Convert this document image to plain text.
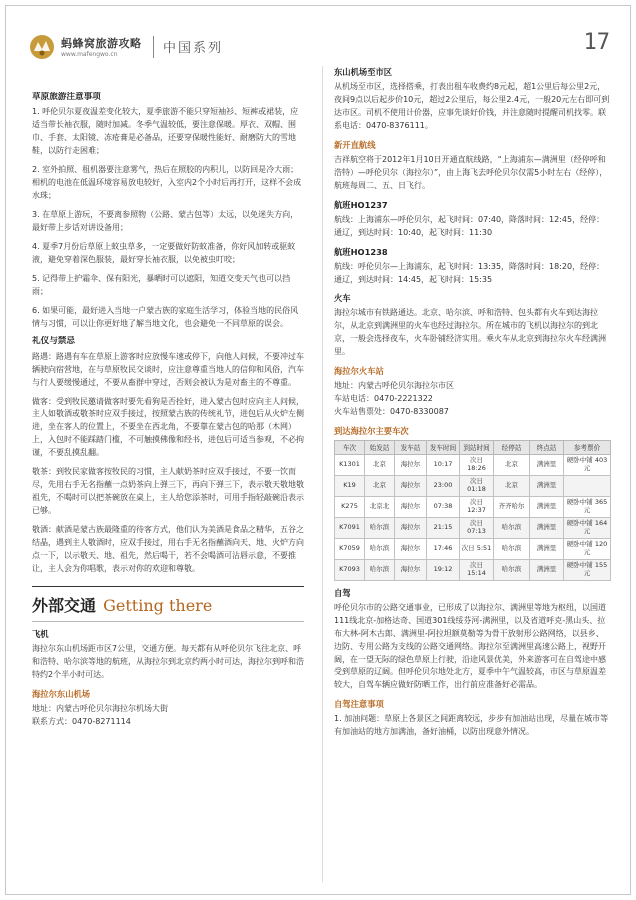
蚂蜂窝旅游攻略
www.mafengwo.cn	中国系列	17
草原旅游注意事项

1. 呼伦贝尔夏夜温差变化较大，夏季旅游不能只穿短袖衫、短裤或裙装，应适当带长袖衣服，随时加减。冬季气温较低，要注意保暖。厚衣、双帽、围巾、手套、太阳镜、冻疮膏是必备品，还要穿保暖性能好、耐磨防大的雪地鞋，以防行走困难；

2. 室外拍照、租机器要注意雾气，热后在照胶的内积儿，以防回是冷大雨；相机的电池在低温环境容易放电较好，入室内2个小时后再打开，这样不会成水珠；

3. 在草原上游玩，不要离参照物（公路、蒙古包等）太远，以免迷失方向，最好带上步话对讲设备用；

4. 夏季7月份后草原上蚊虫草多，一定要做好防蚊准备，你好风加转或驱蚊液，避免穿着深色服装，最好穿长袖衣服，以免被虫叮咬；

5. 记得带上护霜伞、保有阳光，暴晒时可以遮阳，知道交变天气也可以挡雨；

6. 如果可能，最好进入当地一户蒙古族的家庭生活学习，体验当地的民俗风情与习惯，可以让你更好地了解当地文化，也会避免一不同草原的误会。

礼仪与禁忌

路遇：路遇有车在草原上游客时应放慢车速或停下，向他人问候，不要冲过车辆驶向宿营地，在与草原牧民交谈时，应注意尊重当地人的信仰和风俗，汽车与行人要缓慢通过，不要从畜群中穿过，否则会被认为是对畜主的不尊重。

做客：受到牧民邀请做客时要先看狗是否拴好，进入蒙古包时应向主人问候，主人如敬酒或敬茶时应双手接过，按照蒙古族的传统礼节，进包后从火炉左侧进，坐在客人的位置上，不要坐在西北角，不要靠在蒙古包的哈那（木网）上，入包时不能踩踏门槛，不可触摸佛像和经书，进包后可适当参观，不必拘谨，不要乱摸乱翻。

敬茶：到牧民家做客按牧民的习惯，主人献奶茶时应双手接过，不要一饮而尽，先用右手无名指蘸一点奶茶向上弹三下，再向下弹三下，表示敬天敬地敬祖先，不喝时可以把茶碗放在桌上，主人给您添茶时，可用手指轻敲碗沿表示已够。

敬酒：献酒是蒙古族最隆重的待客方式，他们认为美酒是食品之精华，五谷之结晶，遇到主人敬酒时，应双手接过，用右手无名指蘸酒向天、地、火炉方向点一下，以示敬天、地、祖先，然后喝干，若不会喝酒可沾唇示意，不要推让，主人会为你唱歌，表示对你的欢迎和尊敬。

外部交通 Getting there
飞机

海拉尔东山机场距市区7公里，交通方便。每天都有从呼伦贝尔飞往北京、呼和浩特、哈尔滨等地的航班，从海拉尔到北京约两小时可达，海拉尔到呼和浩特约2个半小时可达。

海拉尔东山机场
地址：内蒙古呼伦贝尔海拉尔机场大街
联系方式：0470-8271114
东山机场至市区

从机场至市区，选择搭乘，打表出租车收费约8元起，超1公里后每公里2元，夜间9点以后起步价10元，超过2公里后，每公里2.4元，一般20元左右即可到达市区。司机不使用计价器，应事先谈好价钱，并注意随时提醒司机找零。联系电话：0470-8376111。

新开直航线

吉祥航空将于2012年1月10日开通直航线路，“上海浦东—满洲里（经停呼和浩特）—呼伦贝尔（海拉尔）”，由上海飞去呼伦贝尔仅需5小时左右（经停），航班每周二、五、日飞行。

航班HO1237

航线：上海浦东—呼伦贝尔，起飞时间：07:40，降落时间：12:45，经停：通辽，到达时间：10:40，起飞时间：11:30

航班HO1238

航线：呼伦贝尔—上海浦东，起飞时间：13:35，降落时间：18:20，经停：通辽，到达时间：14:45，起飞时间：15:35

火车

海拉尔城市有铁路通达。北京、哈尔滨、呼和浩特、包头都有火车到达海拉尔，从北京到满洲里的火车也经过海拉尔。所在城市的飞机以海拉尔的到北京，一般会选择夜车，火车卧铺经济实用。乘火车从北京到海拉尔火车经满洲里。

海拉尔火车站
地址：内蒙古呼伦贝尔海拉尔市区
车站电话：0470-2221322
火车站售票处：0470-8330087
到达海拉尔主要车次
车次	始发站	发车站	发车时间	到站时间	经停站	终点站	参考票价
K1301	北京	海拉尔	10:17	次日 18:26	北京	满洲里	硬卧中铺 403元
K19	北京	海拉尔	23:00	次日 01:18	北京	满洲里	
K275	北京北	海拉尔	07:38	次日 12:37	齐齐哈尔	满洲里	硬卧中铺 365元
K7091	哈尔滨	海拉尔	21:15	次日 07:13	哈尔滨	满洲里	硬卧中铺 164元
K7059	哈尔滨	海拉尔	17:46	次日 5:51	哈尔滨	满洲里	硬卧中铺 120元
K7093	哈尔滨	海拉尔	19:12	次日 15:14	哈尔滨	满洲里	硬卧中铺 155元
自驾

呼伦贝尔市的公路交通事业，已形成了以海拉尔、满洲里等地为枢纽，以国道111线北京-加格达奇、国道301线绥芬河-满洲里，以及省道呼克-黑山头、拉布大林-阿木古郎、满洲里-阿拉坦额莫勒等为骨干放射形公路网络，以县乡、边防、专用公路为支线的公路交通网络。海拉尔至满洲里高速公路上，视野开阔，在一望无际的绿色草原上行驶，沿途风景优美，外来游客可在自驾途中感受到草原的辽阔。但呼伦贝尔地处北方，夏季中午气温较高，市区与草原温差较大，自驾车辆应做好防晒工作，出行前应准备好必需品。

自驾注意事项

1. 加油问题：草原上各景区之间距离较远，步步有加油站出现，尽量在城市等有加油站的地方加满油，备好油桶，以防出现意外情况。
